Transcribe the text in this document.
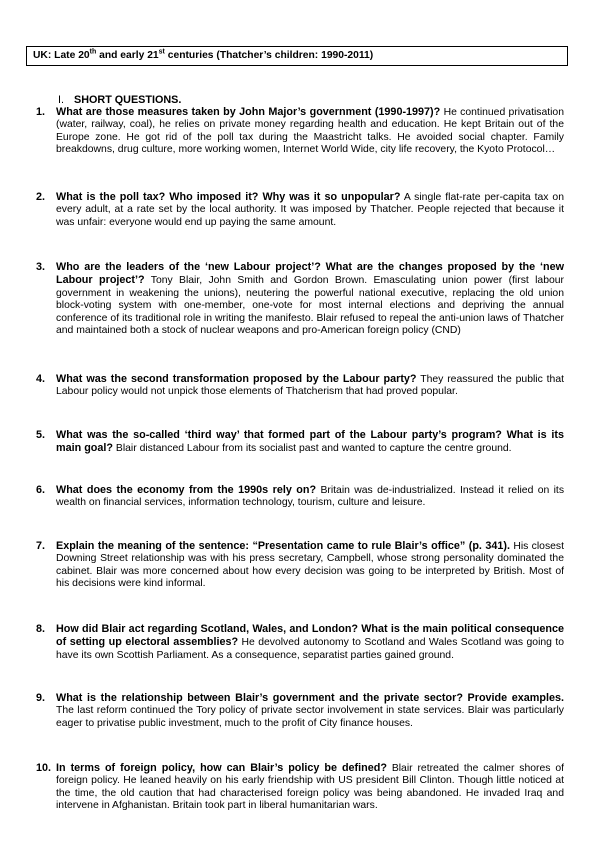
UK: Late 20th and early 21st centuries (Thatcher’s children: 1990-2011)
I. SHORT QUESTIONS.
1.	What are those measures taken by John Major’s government (1990-1997)? He continued privatisation (water, railway, coal), he relies on private money regarding health and education. He kept Britain out of the Europe zone. He got rid of the poll tax during the Maastricht talks. He avoided social chapter. Family breakdowns, drug culture, more working women, Internet World Wide, city life recovery, the Kyoto Protocol…
2.	What is the poll tax? Who imposed it? Why was it so unpopular? A single flat-rate per-capita tax on every adult, at a rate set by the local authority. It was imposed by Thatcher. People rejected that because it was unfair: everyone would end up paying the same amount.
3.	Who are the leaders of the ‘new Labour project’? What are the changes proposed by the ‘new Labour project’? Tony Blair, John Smith and Gordon Brown. Emasculating union power (first labour government in weakening the unions), neutering the powerful national executive, replacing the old union block-voting system with one-member, one-vote for most internal elections and depriving the annual conference of its traditional role in writing the manifesto. Blair refused to repeal the anti-union laws of Thatcher and maintained both a stock of nuclear weapons and pro-American foreign policy (CND)
4.	What was the second transformation proposed by the Labour party? They reassured the public that Labour policy would not unpick those elements of Thatcherism that had proved popular.
5.	What was the so-called ‘third way’ that formed part of the Labour party’s program? What is its main goal? Blair distanced Labour from its socialist past and wanted to capture the centre ground.
6.	What does the economy from the 1990s rely on? Britain was de-industrialized. Instead it relied on its wealth on financial services, information technology, tourism, culture and leisure.
7.	Explain the meaning of the sentence: “Presentation came to rule Blair’s office” (p. 341). His closest Downing Street relationship was with his press secretary, Campbell, whose strong personality dominated the cabinet. Blair was more concerned about how every decision was going to be interpreted by British. Most of his decisions were kind informal.
8.	How did Blair act regarding Scotland, Wales, and London? What is the main political consequence of setting up electoral assemblies? He devolved autonomy to Scotland and Wales Scotland was going to have its own Scottish Parliament. As a consequence, separatist parties gained ground.
9.	What is the relationship between Blair’s government and the private sector? Provide examples. The last reform continued the Tory policy of private sector involvement in state services. Blair was particularly eager to privatise public investment, much to the profit of City finance houses.
10. In terms of foreign policy, how can Blair’s policy be defined? Blair retreated the calmer shores of foreign policy. He leaned heavily on his early friendship with US president Bill Clinton. Though little noticed at the time, the old caution that had characterised foreign policy was being abandoned. He invaded Iraq and intervene in Afghanistan. Britain took part in liberal humanitarian wars.
